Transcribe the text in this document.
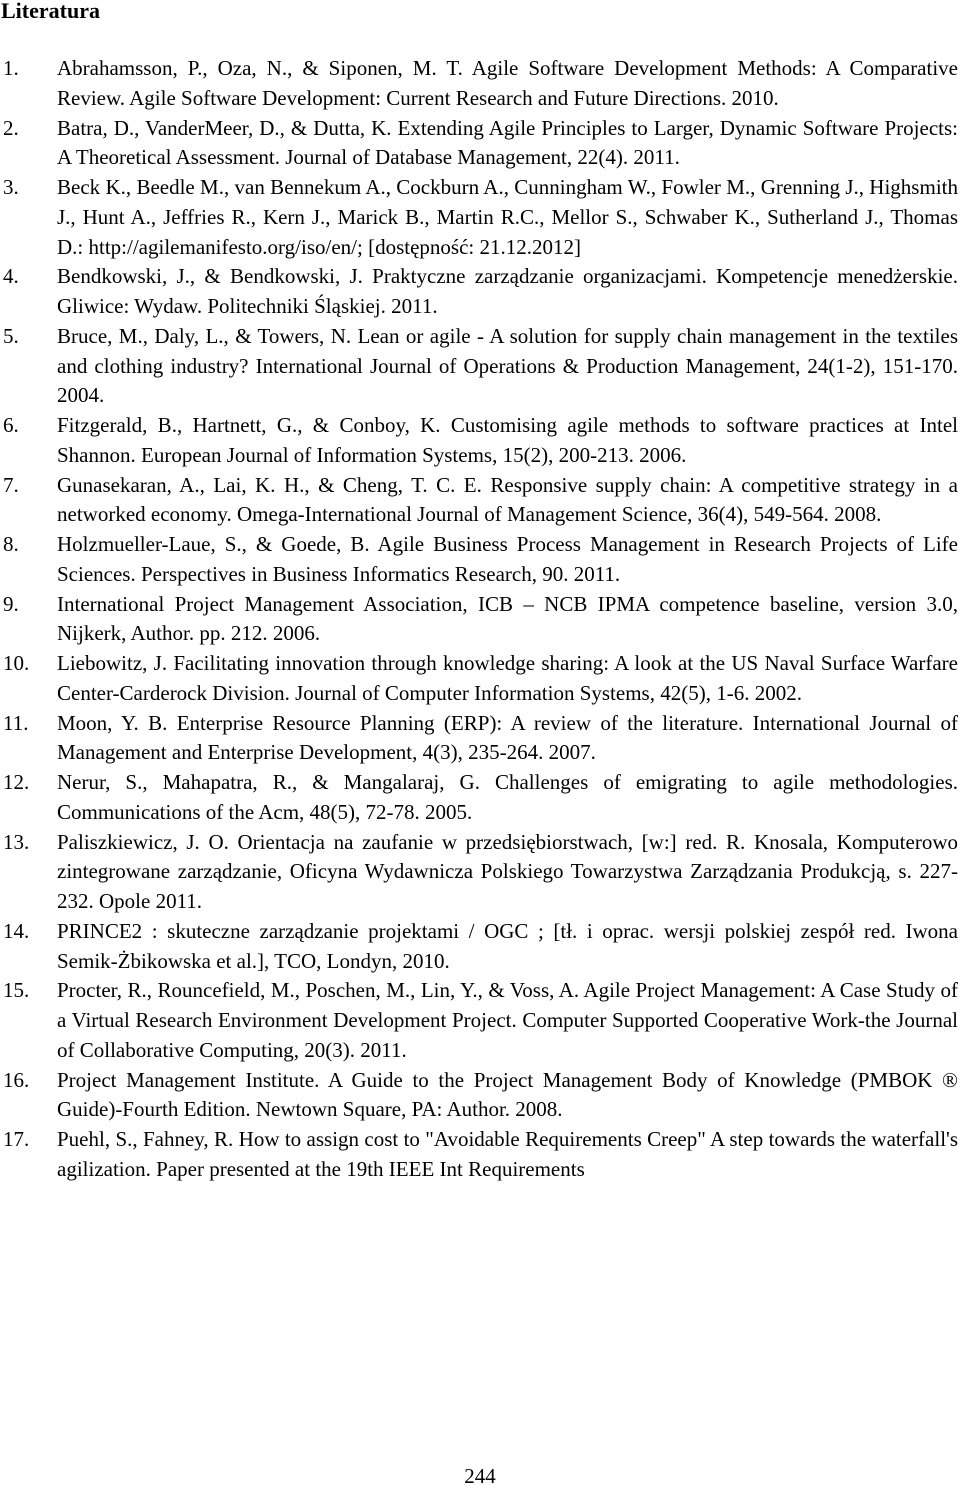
Literatura
1. Abrahamsson, P., Oza, N., & Siponen, M. T. Agile Software Development Methods: A Comparative Review. Agile Software Development: Current Research and Future Directions. 2010.
2. Batra, D., VanderMeer, D., & Dutta, K. Extending Agile Principles to Larger, Dynamic Software Projects: A Theoretical Assessment. Journal of Database Management, 22(4). 2011.
3. Beck K., Beedle M., van Bennekum A., Cockburn A., Cunningham W., Fowler M., Grenning J., Highsmith J., Hunt A., Jeffries R., Kern J., Marick B., Martin R.C., Mellor S., Schwaber K., Sutherland J., Thomas D.: http://agilemanifesto.org/iso/en/; [dostępność: 21.12.2012]
4. Bendkowski, J., & Bendkowski, J. Praktyczne zarządzanie organizacjami. Kompetencje menedżerskie. Gliwice: Wydaw. Politechniki Śląskiej. 2011.
5. Bruce, M., Daly, L., & Towers, N. Lean or agile - A solution for supply chain management in the textiles and clothing industry? International Journal of Operations & Production Management, 24(1-2), 151-170. 2004.
6. Fitzgerald, B., Hartnett, G., & Conboy, K. Customising agile methods to software practices at Intel Shannon. European Journal of Information Systems, 15(2), 200-213. 2006.
7. Gunasekaran, A., Lai, K. H., & Cheng, T. C. E. Responsive supply chain: A competitive strategy in a networked economy. Omega-International Journal of Management Science, 36(4), 549-564. 2008.
8. Holzmueller-Laue, S., & Goede, B. Agile Business Process Management in Research Projects of Life Sciences. Perspectives in Business Informatics Research, 90. 2011.
9. International Project Management Association, ICB – NCB IPMA competence baseline, version 3.0, Nijkerk, Author. pp. 212. 2006.
10. Liebowitz, J. Facilitating innovation through knowledge sharing: A look at the US Naval Surface Warfare Center-Carderock Division. Journal of Computer Information Systems, 42(5), 1-6. 2002.
11. Moon, Y. B. Enterprise Resource Planning (ERP): A review of the literature. International Journal of Management and Enterprise Development, 4(3), 235-264. 2007.
12. Nerur, S., Mahapatra, R., & Mangalaraj, G. Challenges of emigrating to agile methodologies. Communications of the Acm, 48(5), 72-78. 2005.
13. Paliszkiewicz, J. O. Orientacja na zaufanie w przedsiębiorstwach, [w:] red. R. Knosala, Komputerowo zintegrowane zarządzanie, Oficyna Wydawnicza Polskiego Towarzystwa Zarządzania Produkcją, s. 227-232. Opole 2011.
14. PRINCE2 : skuteczne zarządzanie projektami / OGC ; [tł. i oprac. wersji polskiej zespół red. Iwona Semik-Żbikowska et al.], TCO, Londyn, 2010.
15. Procter, R., Rouncefield, M., Poschen, M., Lin, Y., & Voss, A. Agile Project Management: A Case Study of a Virtual Research Environment Development Project. Computer Supported Cooperative Work-the Journal of Collaborative Computing, 20(3). 2011.
16. Project Management Institute. A Guide to the Project Management Body of Knowledge (PMBOK ® Guide)-Fourth Edition. Newtown Square, PA: Author. 2008.
17. Puehl, S., Fahney, R. How to assign cost to "Avoidable Requirements Creep" A step towards the waterfall's agilization. Paper presented at the 19th IEEE Int Requirements
244
